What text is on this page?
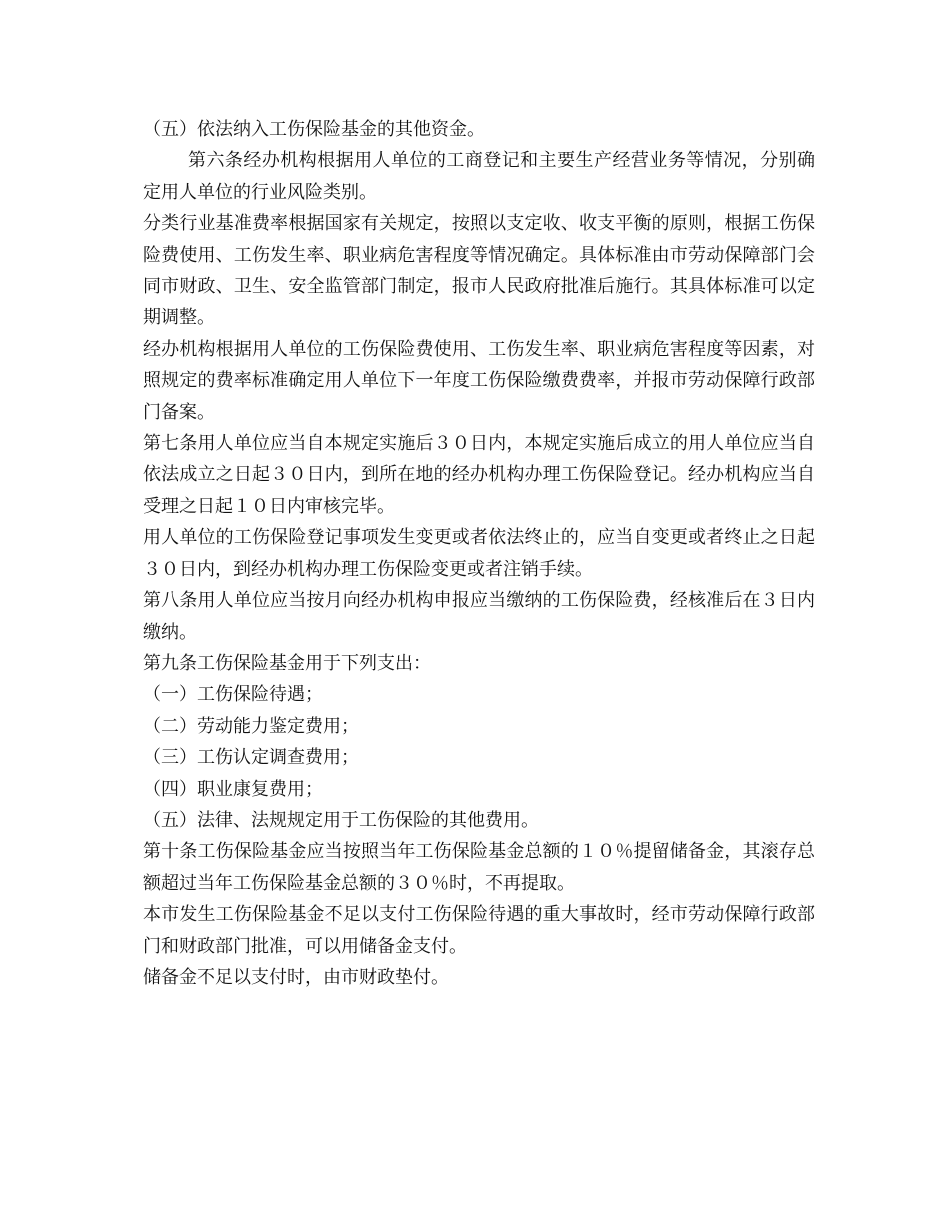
（五）依法纳入工伤保险基金的其他资金。

第六条经办机构根据用人单位的工商登记和主要生产经营业务等情况，分别确定用人单位的行业风险类别。

分类行业基准费率根据国家有关规定，按照以支定收、收支平衡的原则，根据工伤保险费使用、工伤发生率、职业病危害程度等情况确定。具体标准由市劳动保障部门会同市财政、卫生、安全监管部门制定，报市人民政府批准后施行。其具体标准可以定期调整。

经办机构根据用人单位的工伤保险费使用、工伤发生率、职业病危害程度等因素，对照规定的费率标准确定用人单位下一年度工伤保险缴费费率，并报市劳动保障行政部门备案。

第七条用人单位应当自本规定实施后３０日内，本规定实施后成立的用人单位应当自依法成立之日起３０日内，到所在地的经办机构办理工伤保险登记。经办机构应当自受理之日起１０日内审核完毕。

用人单位的工伤保险登记事项发生变更或者依法终止的，应当自变更或者终止之日起３０日内，到经办机构办理工伤保险变更或者注销手续。

第八条用人单位应当按月向经办机构申报应当缴纳的工伤保险费，经核准后在３日内缴纳。

第九条工伤保险基金用于下列支出：

（一）工伤保险待遇；

（二）劳动能力鉴定费用；

（三）工伤认定调查费用；

（四）职业康复费用；

（五）法律、法规规定用于工伤保险的其他费用。

第十条工伤保险基金应当按照当年工伤保险基金总额的１０％提留储备金，其滚存总额超过当年工伤保险基金总额的３０％时，不再提取。

本市发生工伤保险基金不足以支付工伤保险待遇的重大事故时，经市劳动保障行政部门和财政部门批准，可以用储备金支付。

储备金不足以支付时，由市财政垫付。
